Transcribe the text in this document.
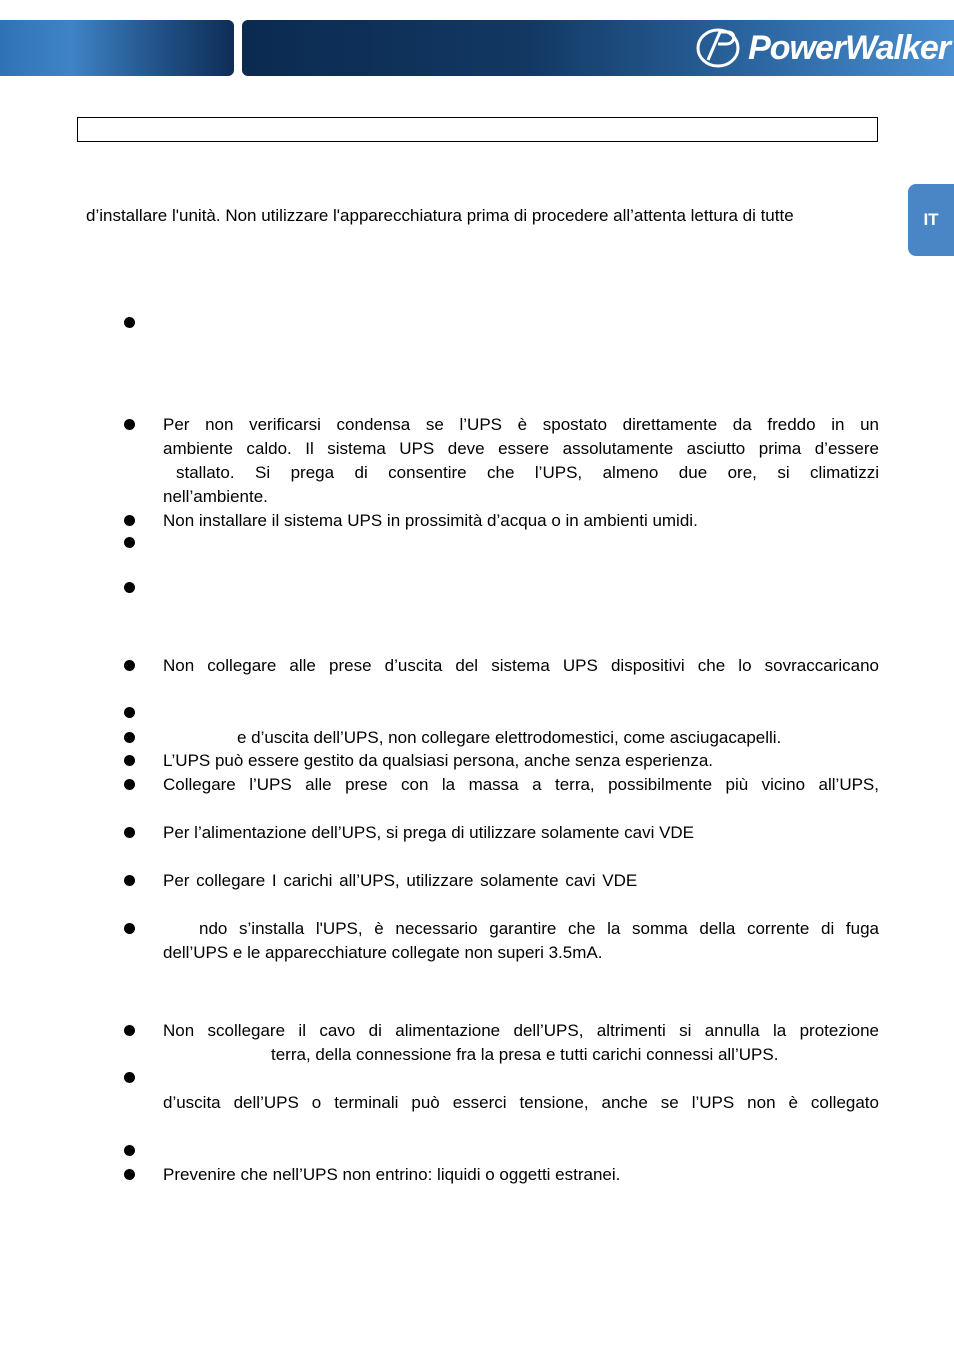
PowerWalker
IT
d’installare l'unità. Non utilizzare l'apparecchiatura prima di procedere all’attenta lettura di tutte
Per non verificarsi condensa se l’UPS è spostato direttamente da freddo in un
ambiente caldo. Il sistema UPS deve essere assolutamente asciutto prima d’essere
stallato. Si prega di consentire che l’UPS, almeno due ore, si climatizzi
nell’ambiente.
Non installare il sistema UPS in prossimità d’acqua o in ambienti umidi.
Non collegare alle prese d’uscita del sistema UPS dispositivi che lo sovraccaricano
e d’uscita dell’UPS, non collegare elettrodomestici, come asciugacapelli.
L’UPS può essere gestito da qualsiasi persona, anche senza esperienza.
Collegare l’UPS alle prese con la massa a terra, possibilmente più vicino all’UPS,
Per l’alimentazione dell’UPS, si prega di utilizzare solamente cavi VDE
Per collegare I carichi all’UPS, utilizzare solamente cavi VDE
ndo s’installa l'UPS, è necessario garantire che la somma della corrente di fuga
dell’UPS e le apparecchiature collegate non superi 3.5mA.
Non scollegare il cavo di alimentazione dell’UPS, altrimenti si annulla la protezione
terra, della connessione fra la presa e tutti carichi connessi all’UPS.
d’uscita dell’UPS o terminali può esserci tensione, anche se l’UPS non è collegato
Prevenire che nell’UPS non entrino: liquidi o oggetti estranei.
